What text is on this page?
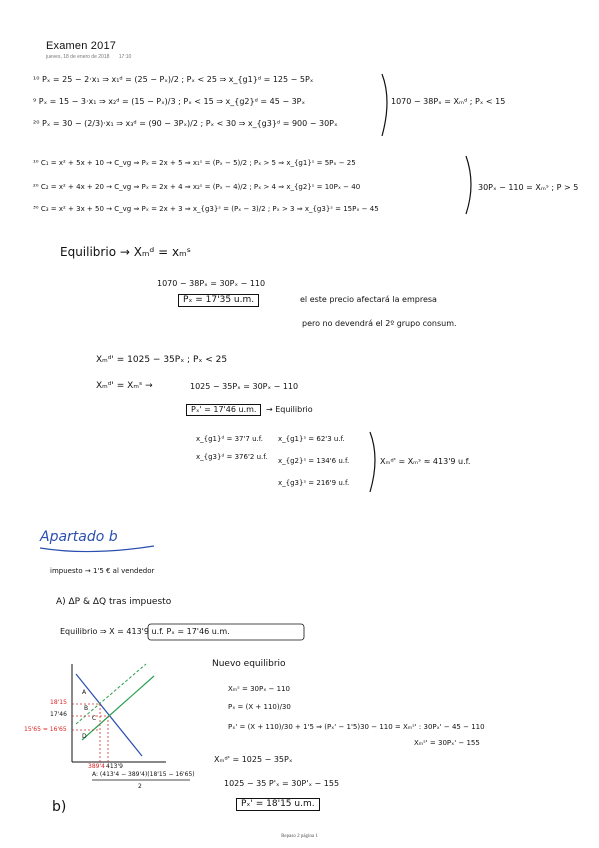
Examen 2017
jueves, 18 de enero de 2018 17:10
¹⁰ Pₓ = 25 − 2·x₁ ⇒ x₁ᵈ = (25 − Pₓ)/2 ; Pₓ < 25 ⇒ x_{g1}ᵈ = 125 − 5Pₓ
⁹ Pₓ = 15 − 3·x₁ ⇒ x₂ᵈ = (15 − Pₓ)/3 ; Pₓ < 15 ⇒ x_{g2}ᵈ = 45 − 3Pₓ
²⁰ Pₓ = 30 − (2/3)·x₁ ⇒ x₃ᵈ = (90 − 3Pₓ)/2 ; Pₓ < 30 ⇒ x_{g3}ᵈ = 900 − 30Pₓ
1070 − 38Pₓ = Xₘᵈ ; Pₓ < 15
¹⁰ C₁ = x² + 5x + 10 → C_vg ⇒ Pₓ = 2x + 5 ⇒ x₁ˢ = (Pₓ − 5)/2 ; Pₓ > 5 ⇒ x_{g1}ˢ = 5Pₓ − 25
²⁰ C₂ = x² + 4x + 20 → C_vg ⇒ Pₓ = 2x + 4 ⇒ x₂ˢ = (Pₓ − 4)/2 ; Pₓ > 4 ⇒ x_{g2}ˢ = 10Pₓ − 40
³⁰ C₃ = x² + 3x + 50 → C_vg ⇒ Pₓ = 2x + 3 ⇒ x_{g3}ˢ = (Pₓ − 3)/2 ; Pₓ > 3 ⇒ x_{g3}ˢ = 15Pₓ − 45
30Pₓ − 110 = Xₘˢ ; P > 5
Equilibrio → Xₘᵈ = xₘˢ
1070 − 38Pₓ = 30Pₓ − 110
Pₓ = 17'35 u.m.	el este precio afectará la empresa
pero no devendrá el 2º grupo consum.
Xₘᵈ' = 1025 − 35Pₓ ; Pₓ < 25
Xₘᵈ' = Xₘˢ →	1025 − 35Pₓ = 30Pₓ − 110
Pₓ' = 17'46 u.m.	→ Equilibrio
x_{g1}ᵈ = 37'7 u.f.
x_{g3}ᵈ = 376'2 u.f.
x_{g1}ˢ = 62'3 u.f.
x_{g2}ˢ = 134'6 u.f.
x_{g3}ˢ = 216'9 u.f.
Xₘᵈ' = Xₘˢ ≈ 413'9 u.f.
Apartado b
impuesto → 1'5 € al vendedor
A) ΔP & ΔQ tras impuesto
Equilibrio ⇒ X = 413'9 u.f. Pₓ = 17'46 u.m.
Nuevo equilibrio
Xₘˢ = 30Pₓ − 110
Pₓ = (X + 110)/30
Pₓ' = (X + 110)/30 + 1'5 ⇒ (Pₓ' − 1'5)30 − 110 = Xₘˢ' : 30Pₓ' − 45 − 110
Xₘˢ' = 30Pₓ' − 155
Xₘᵈ' = 1025 − 35Pₓ
1025 − 35 P'ₓ = 30P'ₓ − 155
Pₓ' = 18'15 u.m.
18'15
17'46
15'65 = 16'65
389'4 413'9
A
B
C
D
A: (413'4 − 389'4)(18'15 − 16'65)
2
b)
Repaso 2 página 1
